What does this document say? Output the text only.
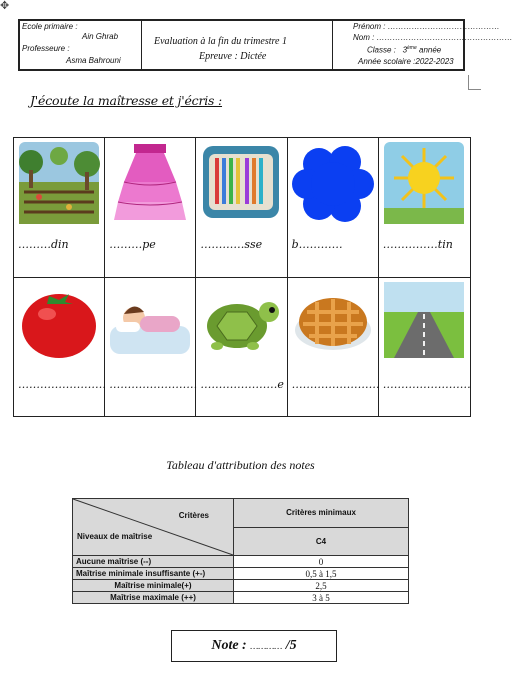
✥
Ecole primaire :
Ain Ghrab
Professeure :
Asma Bahrouni
Evaluation à la fin du trimestre 1
Epreuve : Dictée
Prénom : ……………………………………
Nom : ……………………………………………
Classe : 3ème année
Année scolaire :2022-2023
J'écoute la maîtresse et j'écris :
………din	………pe	…………sse	b…………	……………tin
…………………… …………………… …………………e …………………… ……………………
Tableau d'attribution des notes
Critères
Niveaux de maîtrise	Critères minimaux
	C4
Aucune maîtrise (--)	0
Maîtrise minimale insuffisante (+-)	0,5 à 1,5
Maîtrise minimale(+)	2,5
Maîtrise maximale (++)	3 à 5
Note : ………… /5
